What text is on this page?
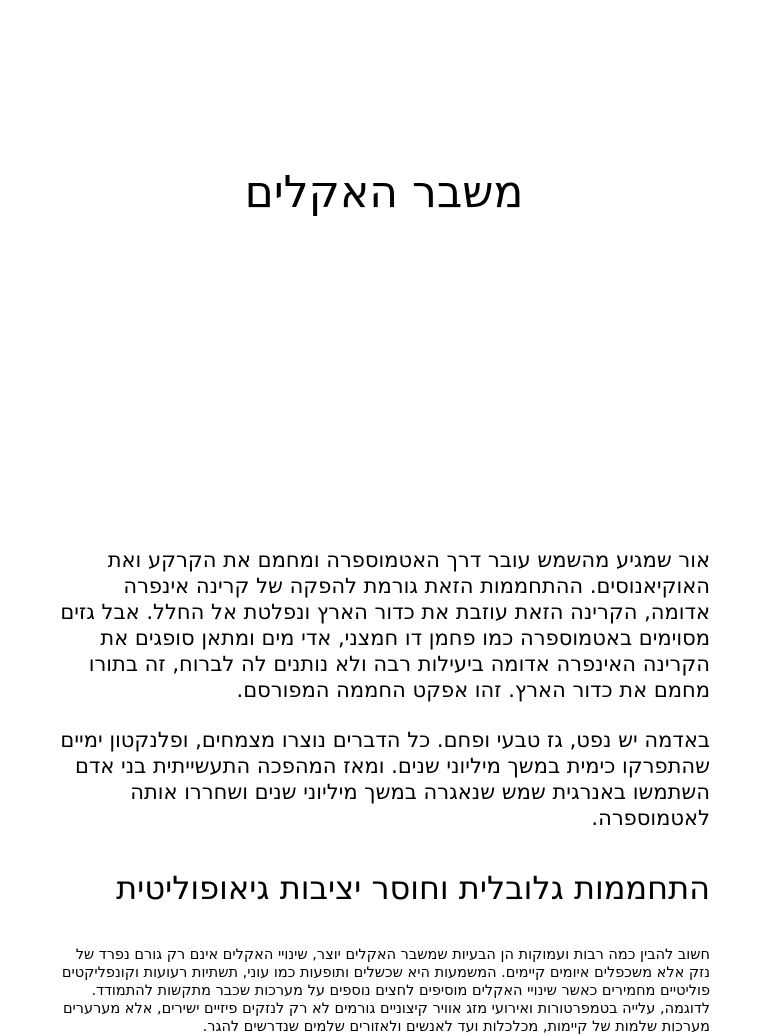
משבר האקלים

אור שמגיע מהשמש עובר דרך האטמוספרה ומחמם את הקרקע ואת האוקיאנוסים. ההתחממות הזאת גורמת להפקה של קרינה אינפרה אדומה, הקרינה הזאת עוזבת את כדור הארץ ונפלטת אל החלל. אבל גזים מסוימים באטמוספרה כמו פחמן דו חמצני, אדי מים ומתאן סופגים את הקרינה האינפרה אדומה ביעילות רבה ולא נותנים לה לברוח, זה בתורו מחמם את כדור הארץ. זהו אפקט החממה המפורסם.

באדמה יש נפט, גז טבעי ופחם. כל הדברים נוצרו מצמחים, ופלנקטון ימיים שהתפרקו כימית במשך מיליוני שנים. ומאז המהפכה התעשייתית בני אדם השתמשו באנרגית שמש שנאגרה במשך מיליוני שנים ושחררו אותה לאטמוספרה.

התחממות גלובלית וחוסר יציבות גיאופוליטית

חשוב להבין כמה רבות ועמוקות הן הבעיות שמשבר האקלים יוצר, שינויי האקלים אינם רק גורם נפרד של נזק אלא משכפלים איומים קיימים. המשמעות היא שכשלים ותופעות כמו עוני, תשתיות רעועות וקונפליקטים פוליטיים מחמירים כאשר שינויי האקלים מוסיפים לחצים נוספים על מערכות שכבר מתקשות להתמודד. לדוגמה, עלייה בטמפרטורות ואירועי מזג אוויר קיצוניים גורמים לא רק לנזקים פיזיים ישירים, אלא מערערים מערכות שלמות של קיימות, מכלכלות ועד לאנשים ולאזורים שלמים שנדרשים להגר.
